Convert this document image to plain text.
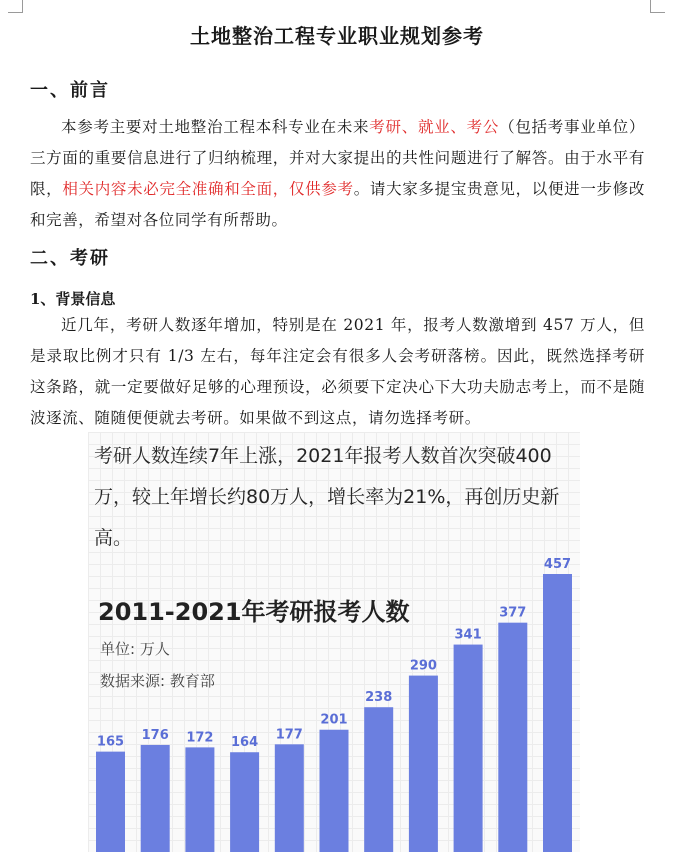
土地整治工程专业职业规划参考
一、前言
本参考主要对土地整治工程本科专业在未来考研、就业、考公（包括考事业单位）三方面的重要信息进行了归纳梳理，并对大家提出的共性问题进行了解答。由于水平有限，相关内容未必完全准确和全面，仅供参考。请大家多提宝贵意见，以便进一步修改和完善，希望对各位同学有所帮助。
二、考研
1、背景信息
近几年，考研人数逐年增加，特别是在 2021 年，报考人数激增到 457 万人，但是录取比例才只有 1/3 左右，每年注定会有很多人会考研落榜。因此，既然选择考研这条路，就一定要做好足够的心理预设，必须要下定决心下大功夫励志考上，而不是随波逐流、随随便便就去考研。如果做不到这点，请勿选择考研。
考研人数连续7年上涨，2021年报考人数首次突破400万，较上年增长约80万人，增长率为21%，再创历史新高。
2011-2021年考研报考人数
单位: 万人
数据来源: 教育部
165 176 172 164
177
201
238
290
341
377
457
